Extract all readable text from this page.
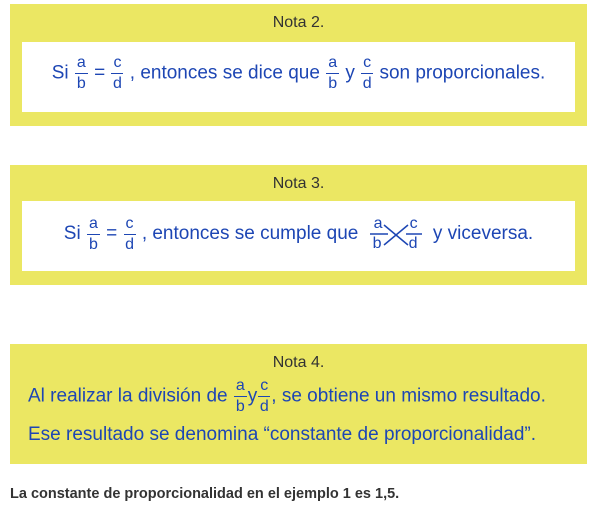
Nota 2.
Si $\frac{a}{b} = \frac{c}{d}$ , entonces se dice que $\frac{a}{b}$ y $\frac{c}{d}$ son proporcionales.
Nota 3.
Si $\frac{a}{b} = \frac{c}{d}$ , entonces se cumple que a
b
c
d y viceversa.
Nota 4.
Al realizar la división de $\frac{a}{b}$ y $\frac{c}{d}$ , se obtiene un mismo resultado.
Ese resultado se denomina “constante de proporcionalidad”.
La constante de proporcionalidad en el ejemplo 1 es 1,5.
